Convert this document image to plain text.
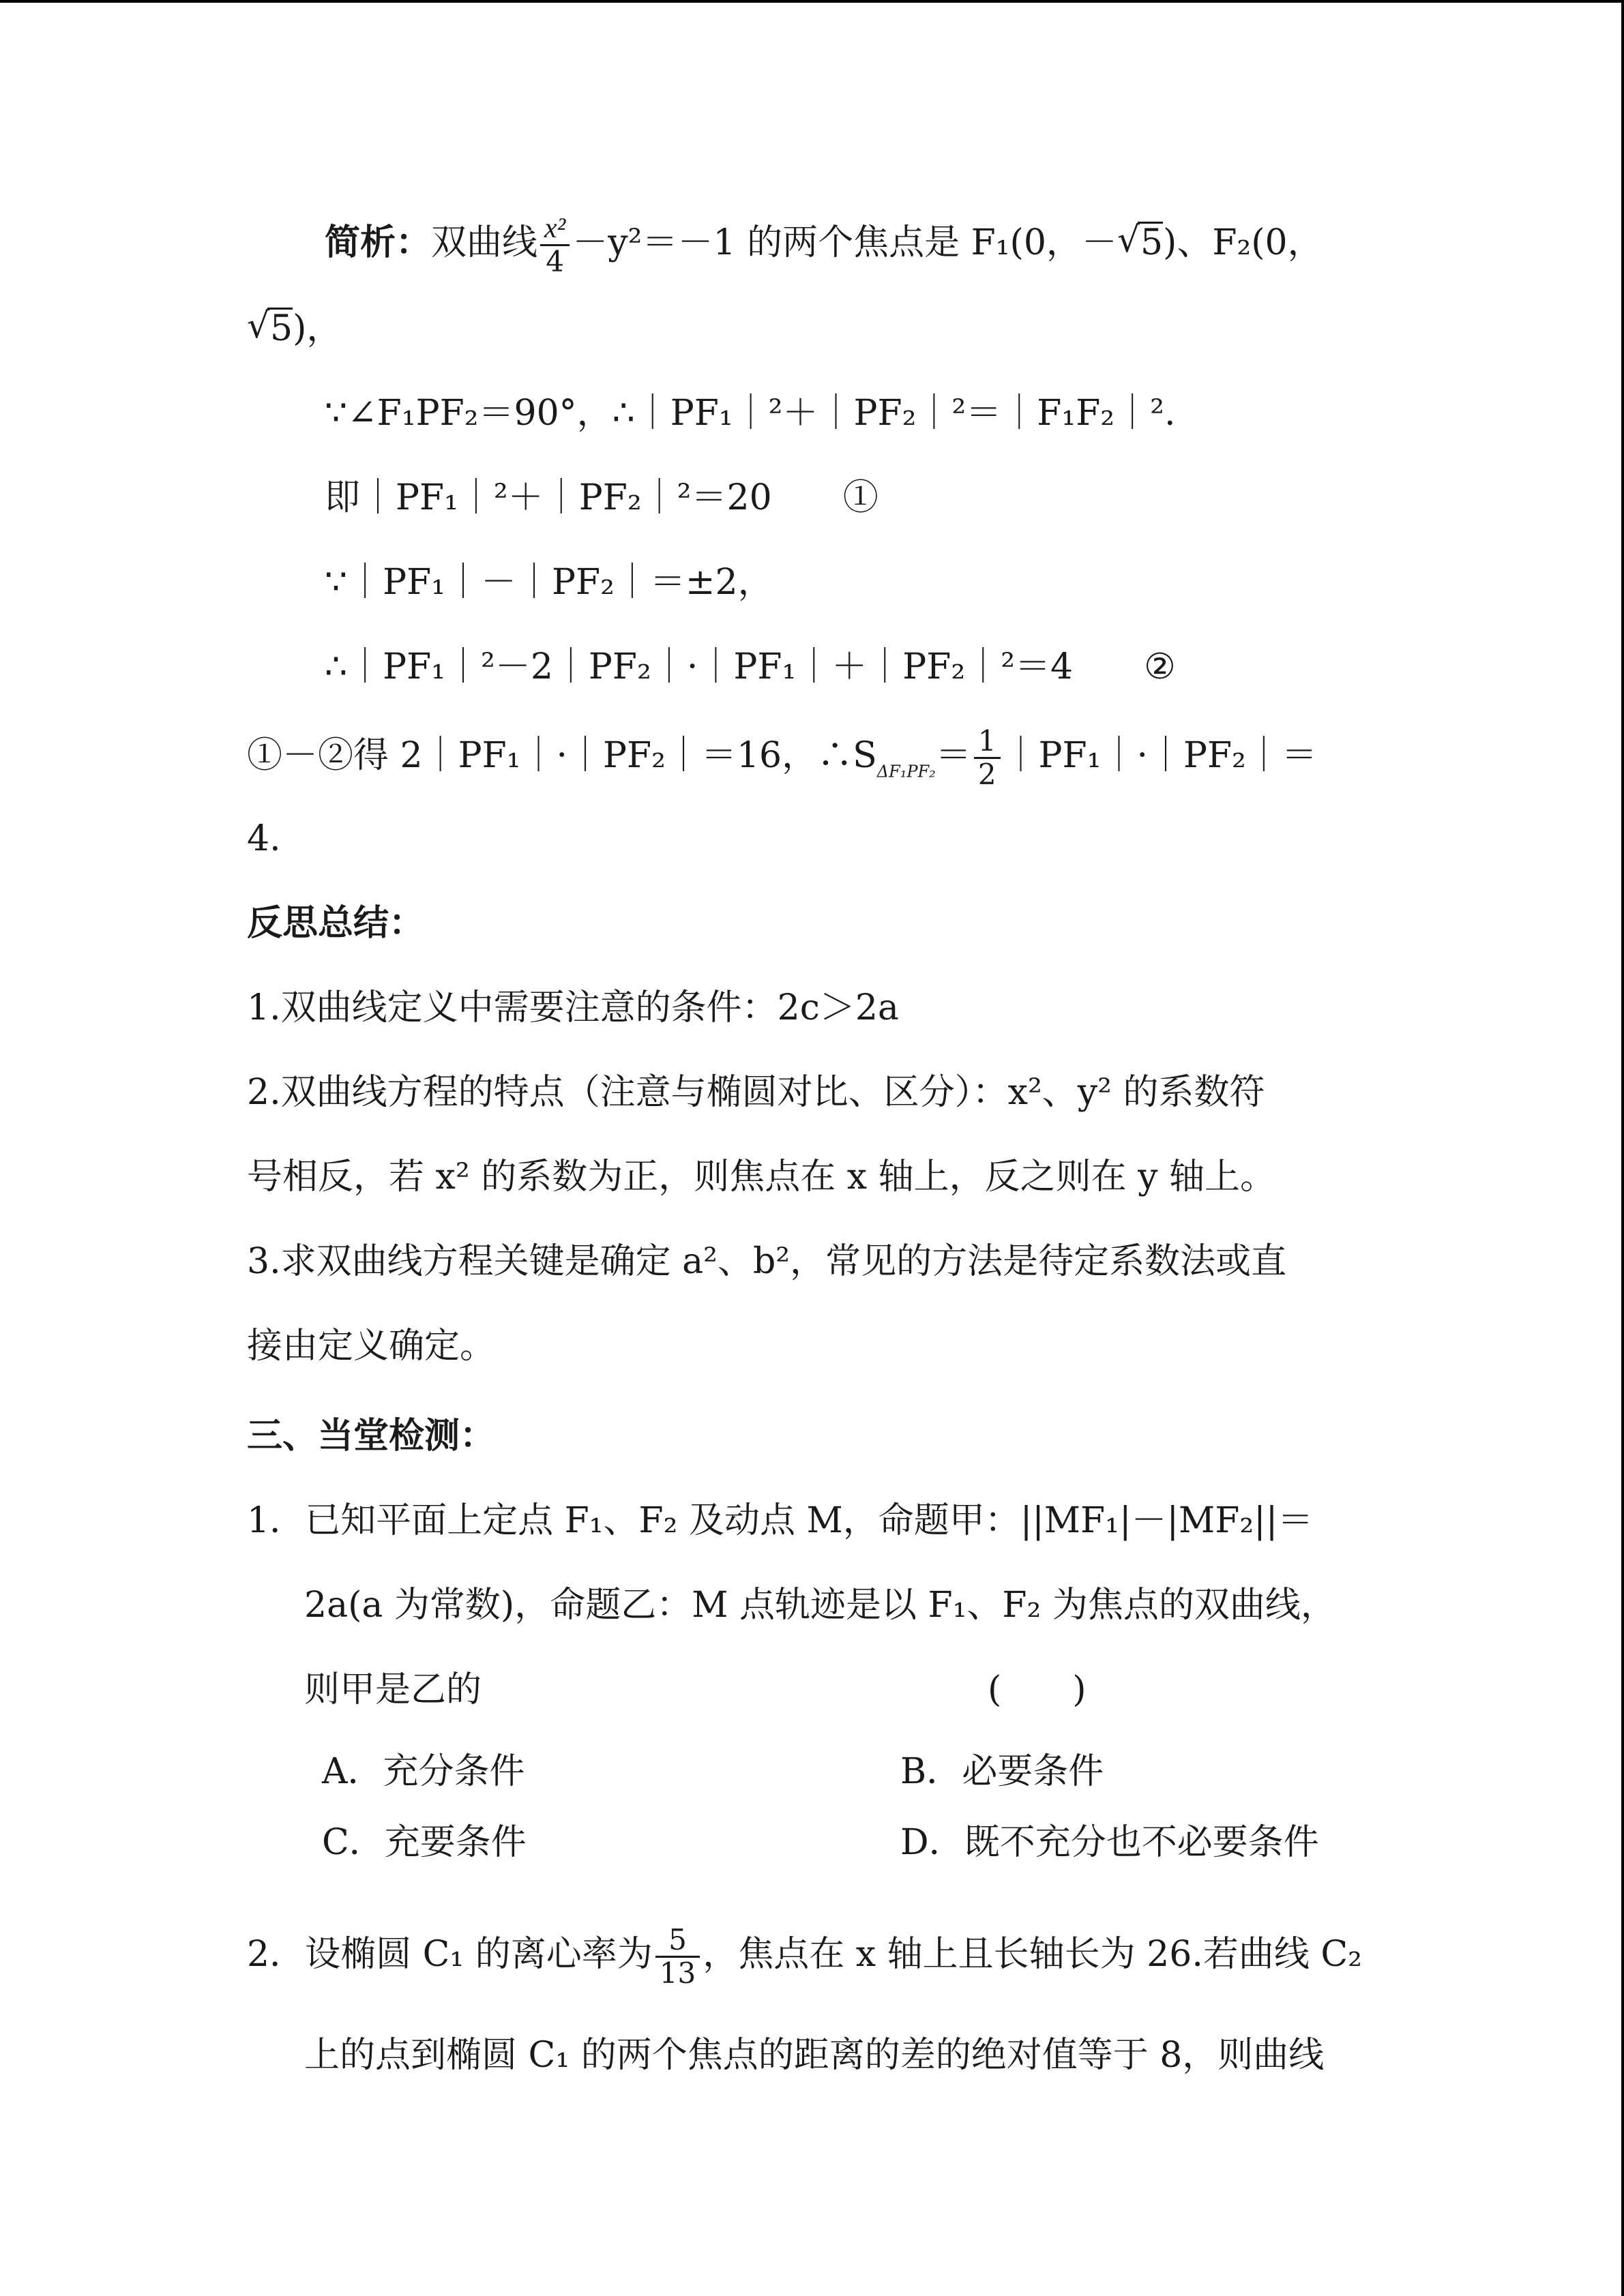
简析：双曲线 $\frac{\text{x²}}{4} -y^2=-1$ 的两个焦点是 F₁(0，－√ 5)、F₂(0，
√ 5)，
∵∠F₁PF₂＝90°，∴｜PF₁｜²＋｜PF₂｜²＝｜F₁F₂｜².
即｜PF₁｜²＋｜PF₂｜²＝20　　①
∵｜PF₁｜－｜PF₂｜＝±2，
∴｜PF₁｜²－2｜PF₂｜·｜PF₁｜＋｜PF₂｜²＝4　　②
①－②得 2｜PF₁｜·｜PF₂｜＝16，$\therefore S_{\Delta F_1PF_2}= \frac{1}{2}$ ｜PF₁｜·｜PF₂｜＝
4.
反思总结：
1.双曲线定义中需要注意的条件：2c＞2a
2.双曲线方程的特点（注意与椭圆对比、区分）：x²、y² 的系数符
号相反，若 x² 的系数为正，则焦点在 x 轴上，反之则在 y 轴上。
3.求双曲线方程关键是确定 a²、b²，常见的方法是待定系数法或直
接由定义确定。
三、当堂检测：
1．已知平面上定点 F₁、F₂ 及动点 M，命题甲：||MF₁|－|MF₂||＝
2a(a 为常数)，命题乙：M 点轨迹是以 F₁、F₂ 为焦点的双曲线，
则甲是乙的	(　　)
A．充分条件	B．必要条件
C．充要条件	D．既不充分也不必要条件
2．设椭圆 C₁ 的离心率为 $\frac{5}{13}$ ，焦点在 x 轴上且长轴长为 26.若曲线 C₂
上的点到椭圆 C₁ 的两个焦点的距离的差的绝对值等于 8，则曲线
